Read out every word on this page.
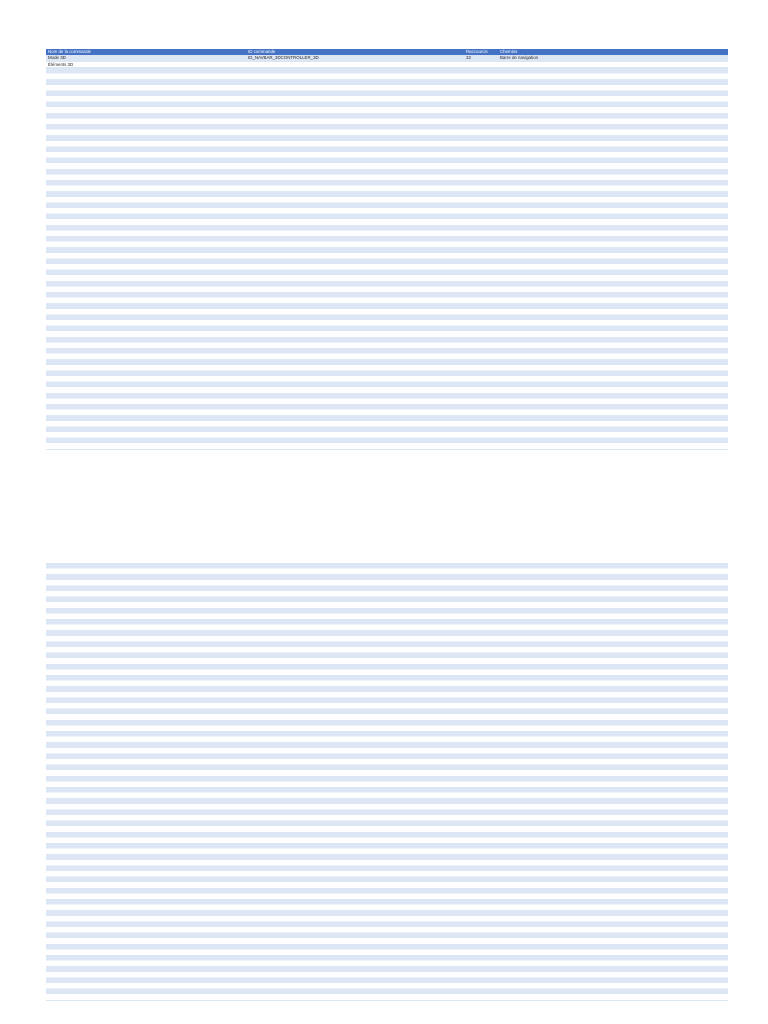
Nom de la commande	ID commande	Raccourcis	Chemins
Mode 3D	ID_NAVBAR_3DCONTROLLER_3D	32	Barre de navigation
Éléments 3D			
